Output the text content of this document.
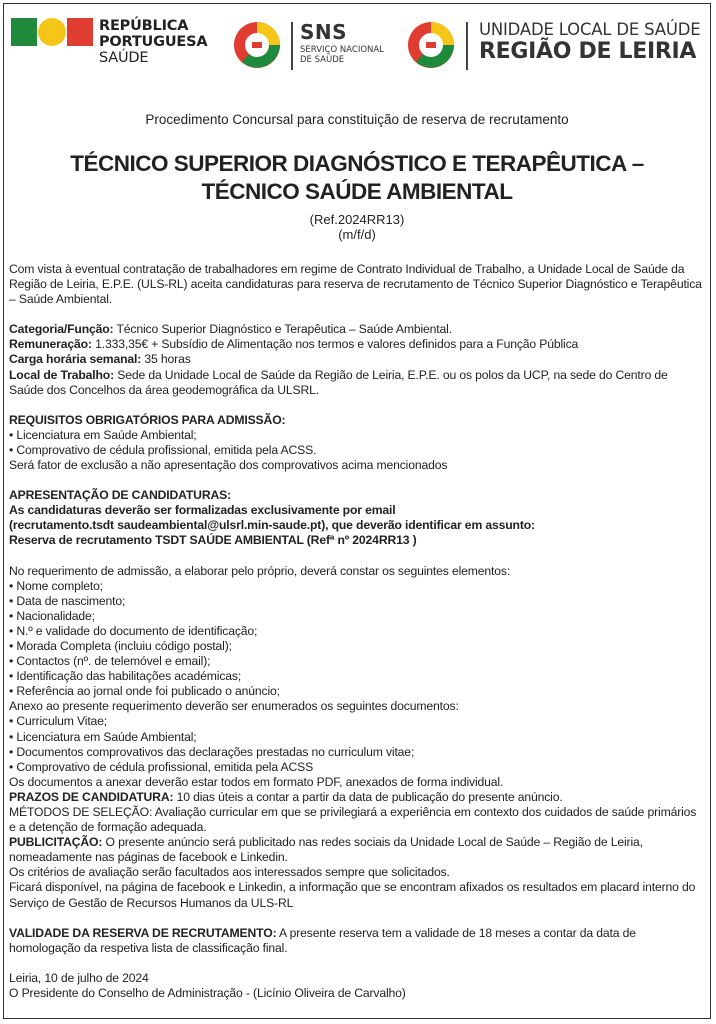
REPÚBLICA
PORTUGUESA
SAÚDE
SNS
SERVIÇO NACIONAL
DE SAÚDE
UNIDADE LOCAL DE SAÚDE
REGIÃO DE LEIRIA
Procedimento Concursal para constituição de reserva de recrutamento
TÉCNICO SUPERIOR DIAGNÓSTICO E TERAPÊUTICA –
TÉCNICO SAÚDE AMBIENTAL
(Ref.2024RR13)
(m/f/d)

Com vista à eventual contratação de trabalhadores em regime de Contrato Individual de Trabalho, a Unidade Local de Saúde da Região de Leiria, E.P.E. (ULS-RL) aceita candidaturas para reserva de recrutamento de Técnico Superior Diagnóstico e Terapêutica – Saúde Ambiental.

Categoria/Função: Técnico Superior Diagnóstico e Terapêutica – Saúde Ambiental.

Remuneração: 1.333,35€ + Subsídio de Alimentação nos termos e valores definidos para a Função Pública

Carga horária semanal: 35 horas

Local de Trabalho: Sede da Unidade Local de Saúde da Região de Leiria, E.P.E. ou os polos da UCP, na sede do Centro de Saúde dos Concelhos da área geodemográfica da ULSRL.

REQUISITOS OBRIGATÓRIOS PARA ADMISSÃO:

• Licenciatura em Saúde Ambiental;

• Comprovativo de cédula profissional, emitida pela ACSS.

Será fator de exclusão a não apresentação dos comprovativos acima mencionados

APRESENTAÇÃO DE CANDIDATURAS:

As candidaturas deverão ser formalizadas exclusivamente por email

(recrutamento.tsdt saudeambiental@ulsrl.min-saude.pt), que deverão identificar em assunto:

Reserva de recrutamento TSDT SAÚDE AMBIENTAL (Refª nº 2024RR13 )

No requerimento de admissão, a elaborar pelo próprio, deverá constar os seguintes elementos:

• Nome completo;

• Data de nascimento;

• Nacionalidade;

• N.º e validade do documento de identificação;

• Morada Completa (incluiu código postal);

• Contactos (nº. de telemóvel e email);

• Identificação das habilitações académicas;

• Referência ao jornal onde foi publicado o anúncio;

Anexo ao presente requerimento deverão ser enumerados os seguintes documentos:

• Curriculum Vitae;

• Licenciatura em Saúde Ambiental;

• Documentos comprovativos das declarações prestadas no curriculum vitae;

• Comprovativo de cédula profissional, emitida pela ACSS

Os documentos a anexar deverão estar todos em formato PDF, anexados de forma individual.

PRAZOS DE CANDIDATURA: 10 dias úteis a contar a partir da data de publicação do presente anúncio.

MÉTODOS DE SELEÇÃO: Avaliação curricular em que se privilegiará a experiência em contexto dos cuidados de saúde primários e a detenção de formação adequada.

PUBLICITAÇÃO: O presente anúncio será publicitado nas redes sociais da Unidade Local de Saúde – Região de Leiria, nomeadamente nas páginas de facebook e Linkedin.

Os critérios de avaliação serão facultados aos interessados sempre que solicitados.

Ficará disponível, na página de facebook e Linkedin, a informação que se encontram afixados os resultados em placard interno do Serviço de Gestão de Recursos Humanos da ULS-RL

VALIDADE DA RESERVA DE RECRUTAMENTO: A presente reserva tem a validade de 18 meses a contar da data de homologação da respetiva lista de classificação final.

Leiria, 10 de julho de 2024

O Presidente do Conselho de Administração - (Licínio Oliveira de Carvalho)
